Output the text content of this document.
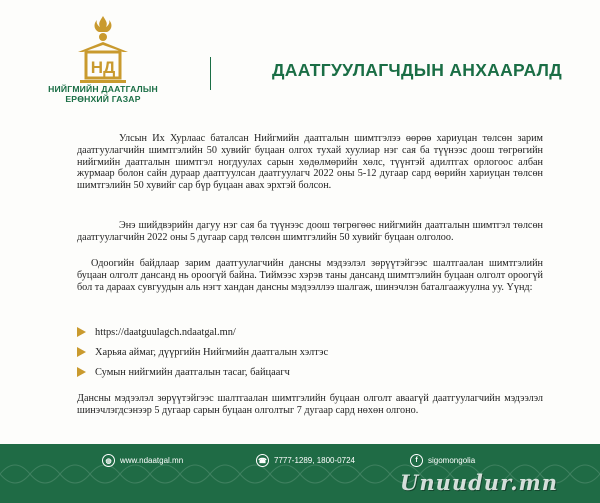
НД
НИЙГМИЙН ДААТГАЛЫН
ЕРӨНХИЙ ГАЗАР
ДААТГУУЛАГЧДЫН АНХААРАЛД
Улсын Их Хурлаас баталсан Нийгмийн даатгалын шимтгэлээ өөрөө хариуцан төлсөн зарим даатгуулагчийн шимтгэлийн 50 хувийг буцаан олгох тухай хуулиар нэг сая ба түүнээс доош төгрөгийн нийгмийн даатгалын шимтгэл ногдуулах сарын хөдөлмөрийн хөлс, түүнтэй адилтгах орлогоос албан журмаар болон сайн дураар даатгуулсан даатгуулагч 2022 оны 5-12 дугаар сард өөрийн хариуцан төлсөн шимтгэлийн 50 хувийг сар бүр буцаан авах эрхтэй болсон.
Энэ шийдвэрийн дагуу нэг сая ба түүнээс доош төгрөгөөс нийгмийн даатгалын шимтгэл төлсөн даатгуулагчийн 2022 оны 5 дугаар сард төлсөн шимтгэлийн 50 хувийг буцаан олголоо.
Одоогийн байдлаар зарим даатгуулагчийн дансны мэдээлэл зөрүүтэйгээс шалтгаалан шимтгэлийн буцаан олголт дансанд нь ороогүй байна. Тиймээс хэрэв таны дансанд шимтгэлийн буцаан олголт ороогүй бол та дараах сувгуудын аль нэгт хандан дансны мэдээллээ шалгаж, шинэчлэн баталгаажуулна уу. Үүнд:
https://daatguulagch.ndaatgal.mn/
Харьяа аймаг, дүүргийн Нийгмийн даатгалын хэлтэс
Сумын нийгмийн даатгалын тасаг, байцаагч
Дансны мэдээлэл зөрүүтэйгээс шалтгаалан шимтгэлийн буцаан олголт аваагүй даатгуулагчийн мэдээлэл шинэчлэгдсэнээр 5 дугаар сарын буцаан олголтыг 7 дугаар сард нөхөн олгоно.
◍	www.ndaatgal.mn	☎ 7777-1289, 1800-0724	f	sigomongolia
Unuudur.mn
